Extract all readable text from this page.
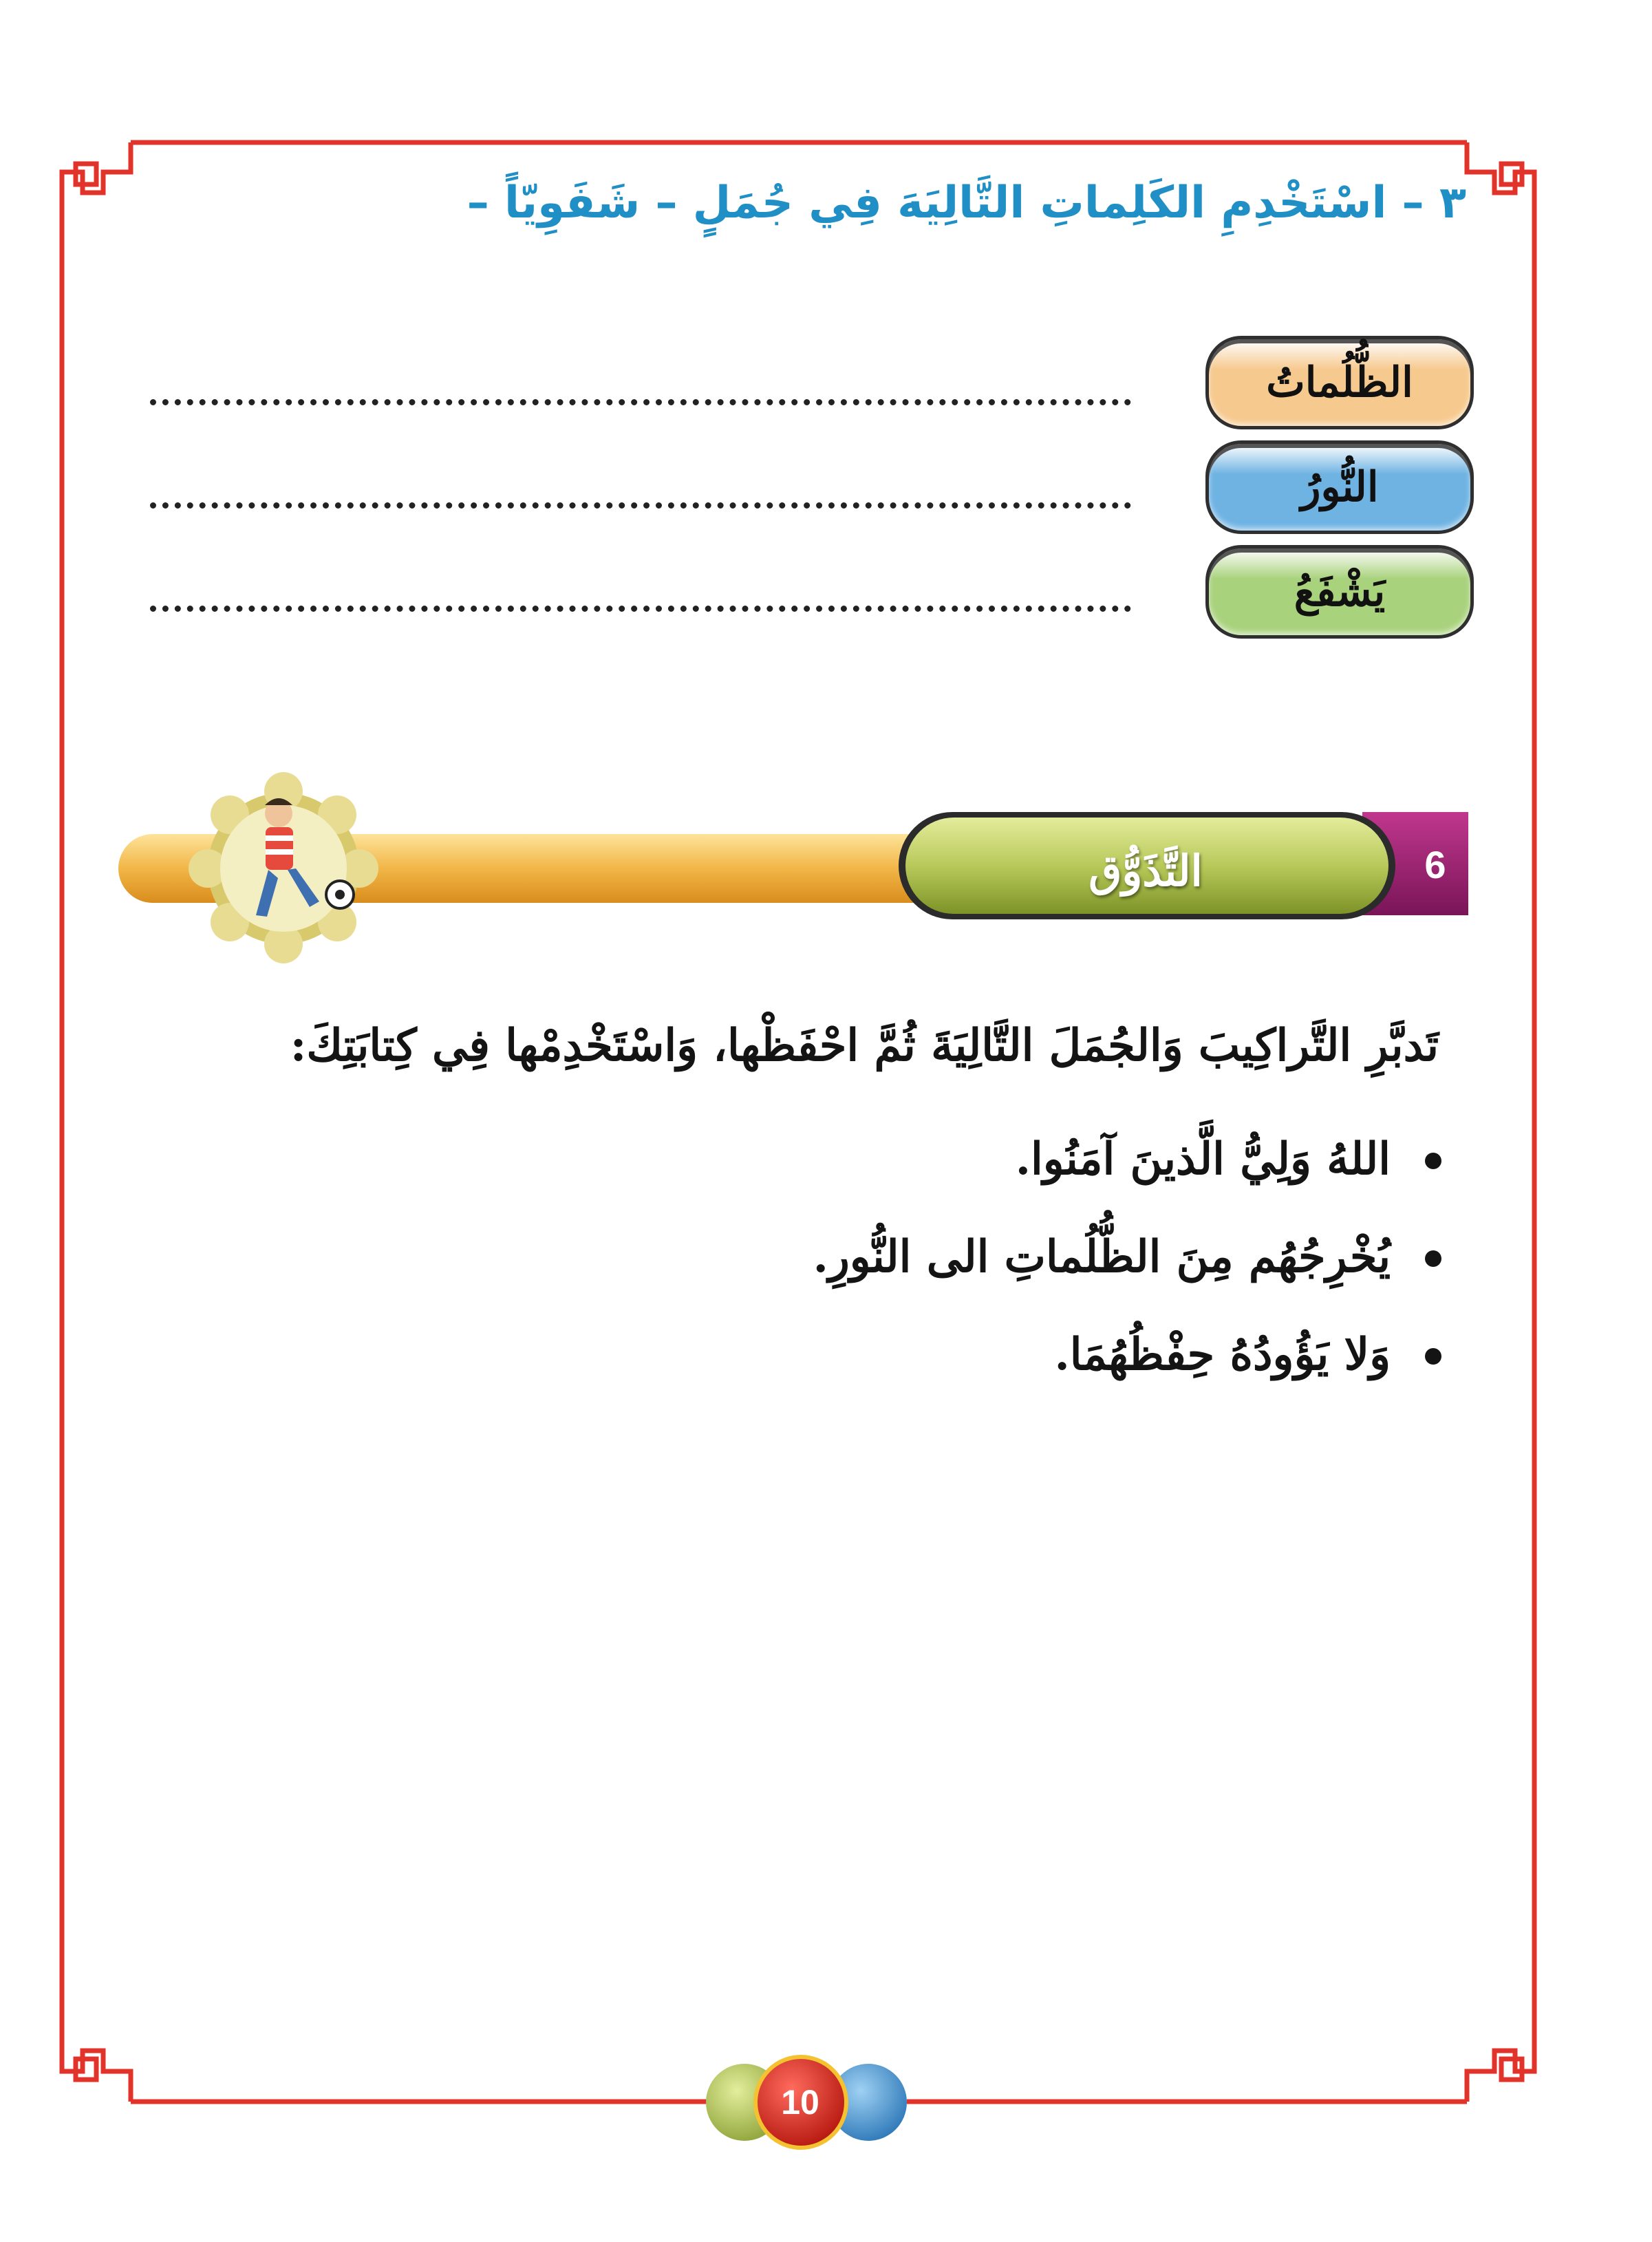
٣ – اسْتَخْدِمِ الكَلِماتِ التَّالِيَهَ فِي جُمَلٍ – شَفَوِيّاً –
الظُّلُماتُ
النُّورُ
يَشْفَعُ
6
التَّذَوُّق
تَدبَّرِ التَّراكِيبَ وَالجُمَلَ التَّالِيَةَ ثُمَّ احْفَظْها، وَاسْتَخْدِمْها فِي كِتابَتِكَ:
اللهُ وَلِيُّ الَّذينَ آمَنُوا.
يُخْرِجُهُم مِنَ الظُّلُماتِ الى النُّورِ.
وَلا يَؤُودُهُ حِفْظُهُمَا.
10
